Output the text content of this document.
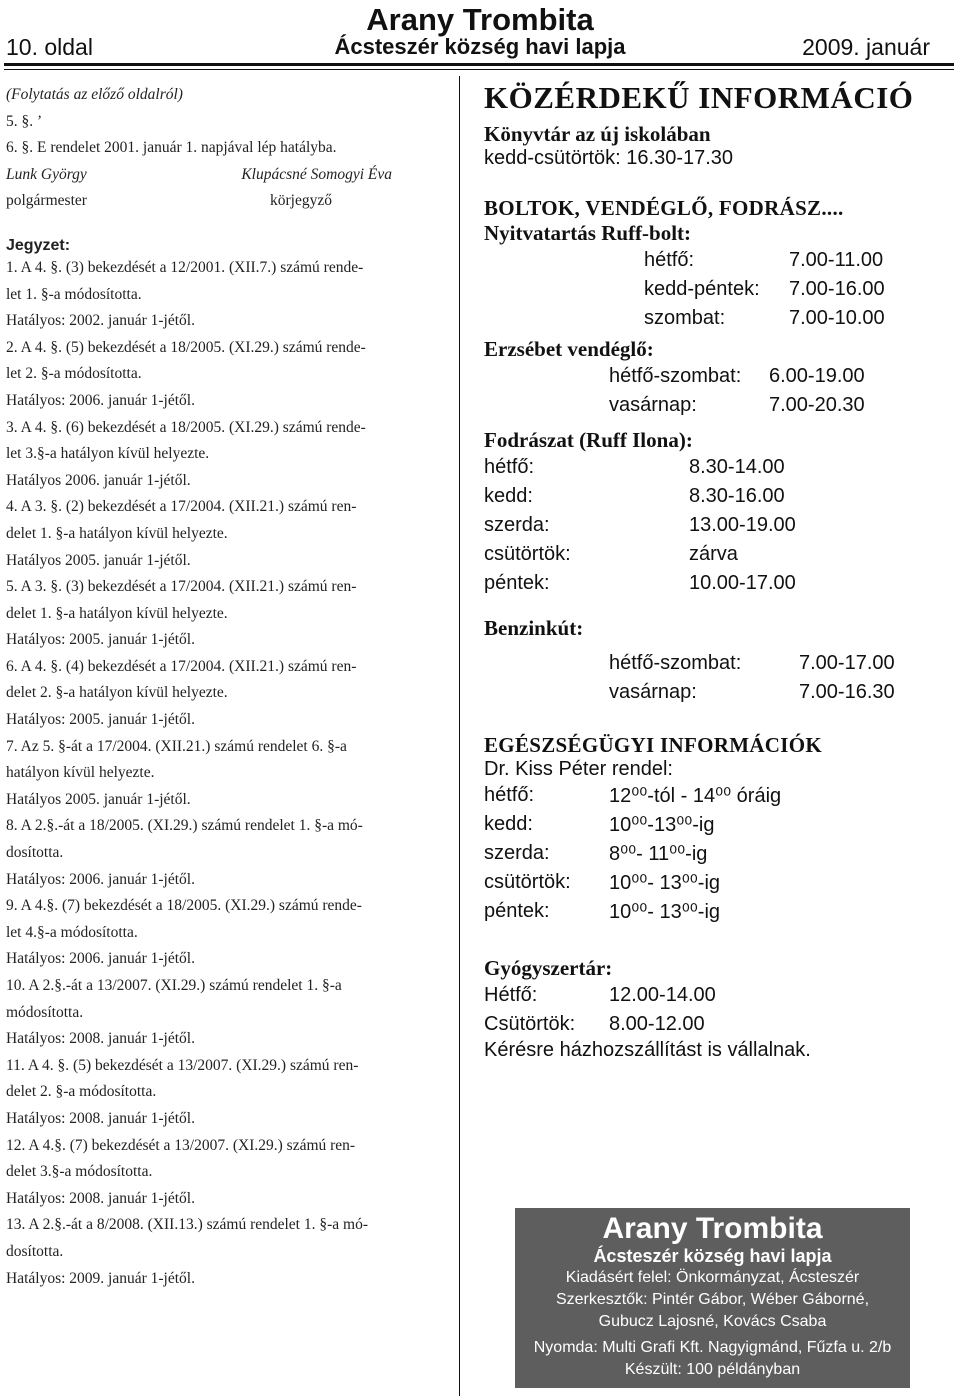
10. oldal
Arany Trombita
Ácsteszér község havi lapja	2009. január
(Folytatás az előző oldalról)
5. §. ’
6. §. E rendelet 2001. január 1. napjával lép hatályba.
Lunk György	Klupácsné Somogyi Éva
polgármester	körjegyző
Jegyzet:
1. A 4. §. (3) bekezdését a 12/2001. (XII.7.) számú rende-
let 1. §-a módosította.
Hatályos: 2002. január 1-jétől.
2. A 4. §. (5) bekezdését a 18/2005. (XI.29.) számú rende-
let 2. §-a módosította.
Hatályos: 2006. január 1-jétől.
3. A 4. §. (6) bekezdését a 18/2005. (XI.29.) számú rende-
let 3.§-a hatályon kívül helyezte.
Hatályos 2006. január 1-jétől.
4. A 3. §. (2) bekezdését a 17/2004. (XII.21.) számú ren-
delet 1. §-a hatályon kívül helyezte.
Hatályos 2005. január 1-jétől.
5. A 3. §. (3) bekezdését a 17/2004. (XII.21.) számú ren-
delet 1. §-a hatályon kívül helyezte.
Hatályos: 2005. január 1-jétől.
6. A 4. §. (4) bekezdését a 17/2004. (XII.21.) számú ren-
delet 2. §-a hatályon kívül helyezte.
Hatályos: 2005. január 1-jétől.
7. Az 5. §-át a 17/2004. (XII.21.) számú rendelet 6. §-a
hatályon kívül helyezte.
Hatályos 2005. január 1-jétől.
8. A 2.§.-át a 18/2005. (XI.29.) számú rendelet 1. §-a mó-
dosította.
Hatályos: 2006. január 1-jétől.
9. A 4.§. (7) bekezdését a 18/2005. (XI.29.) számú rende-
let 4.§-a módosította.
Hatályos: 2006. január 1-jétől.
10. A 2.§.-át a 13/2007. (XI.29.) számú rendelet 1. §-a
módosította.
Hatályos: 2008. január 1-jétől.
11. A 4. §. (5) bekezdését a 13/2007. (XI.29.) számú ren-
delet 2. §-a módosította.
Hatályos: 2008. január 1-jétől.
12. A 4.§. (7) bekezdését a 13/2007. (XI.29.) számú ren-
delet 3.§-a módosította.
Hatályos: 2008. január 1-jétől.
13. A 2.§.-át a 8/2008. (XII.13.) számú rendelet 1. §-a mó-
dosította.
Hatályos: 2009. január 1-jétől.
KÖZÉRDEKŰ INFORMÁCIÓ
Könyvtár az új iskolában
kedd-csütörtök: 16.30-17.30
BOLTOK, VENDÉGLŐ, FODRÁSZ....
Nyitvatartás Ruff-bolt:
hétfő:	7.00-11.00
kedd-péntek:	7.00-16.00
szombat:	7.00-10.00
Erzsébet vendéglő:
hétfő-szombat:	6.00-19.00
vasárnap:	7.00-20.30
Fodrászat (Ruff Ilona):
hétfő:	8.30-14.00
kedd:	8.30-16.00
szerda:	13.00-19.00
csütörtök:	zárva
péntek:	10.00-17.00
Benzinkút:
hétfő-szombat:	7.00-17.00
vasárnap:	7.00-16.30
EGÉSZSÉGÜGYI INFORMÁCIÓK
Dr. Kiss Péter rendel:
hétfő:	12⁰⁰-tól - 14⁰⁰ óráig
kedd:	10⁰⁰-13⁰⁰-ig
szerda:	8⁰⁰- 11⁰⁰-ig
csütörtök:	10⁰⁰- 13⁰⁰-ig
péntek:	10⁰⁰- 13⁰⁰-ig
Gyógyszertár:
Hétfő:	12.00-14.00
Csütörtök:	8.00-12.00
Kérésre házhozszállítást is vállalnak.
Arany Trombita
Ácsteszér község havi lapja
Kiadásért felel: Önkormányzat, Ácsteszér
Szerkesztők: Pintér Gábor, Wéber Gáborné,
Gubucz Lajosné, Kovács Csaba
Nyomda: Multi Grafi Kft. Nagyigmánd, Fűzfa u. 2/b
Készült: 100 példányban
